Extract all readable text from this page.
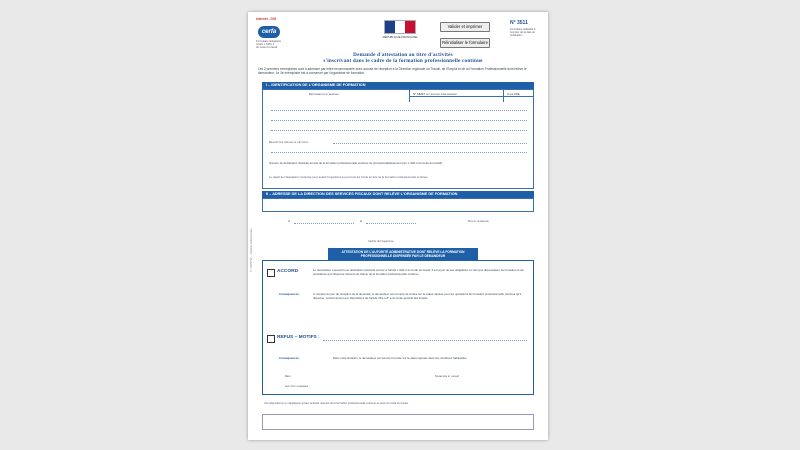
Internet - DGI
cerfa
Formulaire obligatoire
Article L.6351-1
du Code du travail
RÉPUBLIQUE FRANÇAISE
Valider et imprimer
Réinitialiser le formulaire
N° 3511
Formulaire utilisable à compter de la date de publication
Demande d'attestation au titre d'activités
s'inscrivant dans le cadre de la formation professionnelle continue
Les 2 premiers exemplaires sont à adresser par lettre recommandée avec accusé de réception à la Direction régionale du Travail, de l'Emploi et de la Formation Professionnelle dont relève le demandeur. Le 3e exemplaire est à conserver par l'organisme de formation.
I – IDENTIFICATION DE L'ORGANISME DE FORMATION
Dénomination et adresse	N° SIRET du principal établissement	Code APE
Description précise de l'activité :
Numéro de déclaration d'activité au titre de la formation professionnelle continue du principal établissement (art. L.920-4 du Code du travail) :
Le dépôt de l'attestation n'autorise pour autant l'organisme à percevoir les fonds au titre de la formation professionnelle continue.
II – ADRESSE DE LA DIRECTION DES SERVICES FISCAUX DONT RELÈVE L'ORGANISME DE FORMATION
À	le	Nom et signature
Cachet de l'organisme
ATTESTATION DE L'AUTORITÉ ADMINISTRATIVE DONT RELÈVE LA FORMATION PROFESSIONNELLE DISPENSÉE PAR LE DEMANDEUR
ACCORD	Le demandeur a souscrit une déclaration d'activité prévue à l'article L.920-4 du Code du travail. Il est à jour de ses obligations en tant que dispensateur de formation et les prestations qu'il dispense relèvent du champ de la formation professionnelle continue.
Conséquences	À compter du jour de réception de la demande, le demandeur est exonéré de la taxe sur la valeur ajoutée pour les opérations de formation professionnelle continue qu'il dispense, conformément aux dispositions de l'article 261-4-4° a du Code général des impôts.
REFUS – MOTIFS :
Conséquences	Dans cette situation, le demandeur est soumis à la taxe sur la valeur ajoutée dans les conditions habituelles.
Date	Signature et cachet
Autorité signataire
Ces dispositions ne s'appliquent qu'aux activités relevant de la formation professionnelle continue au sens du Code du travail.
N° 10659*02 – Imprimé réglementaire
